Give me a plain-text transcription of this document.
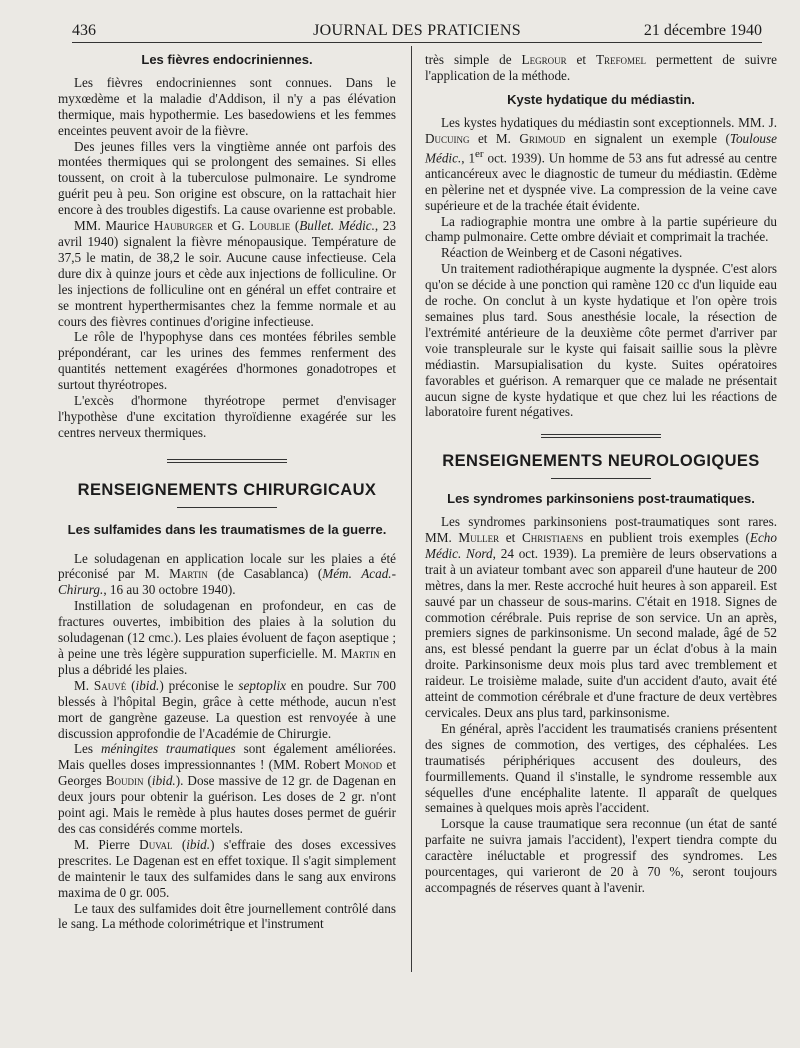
436	JOURNAL DES PRATICIENS	21 décembre 1940
Les fièvres endocriniennes.

Les fièvres endocriniennes sont connues. Dans le myxœdème et la maladie d'Addison, il n'y a pas élévation thermique, mais hypothermie. Les basedowiens et les femmes enceintes peuvent avoir de la fièvre.

Des jeunes filles vers la vingtième année ont parfois des montées thermiques qui se prolongent des semaines. Si elles toussent, on croit à la tuberculose pulmonaire. Le syndrome guérit peu à peu. Son origine est obscure, on la rattachait hier encore à des troubles digestifs. La cause ovarienne est probable.

MM. Maurice Hauburger et G. Loublie (Bullet. Médic., 23 avril 1940) signalent la fièvre ménopausique. Température de 37,5 le matin, de 38,2 le soir. Aucune cause infectieuse. Cela dure dix à quinze jours et cède aux injections de folliculine. Or les injections de folliculine ont en général un effet contraire et se montrent hyperthermisantes chez la femme normale et au cours des fièvres continues d'origine infectieuse.

Le rôle de l'hypophyse dans ces montées fébriles semble prépondérant, car les urines des femmes renferment des quantités nettement exagérées d'hormones gonadotropes et surtout thyréotropes.

L'excès d'hormone thyréotrope permet d'envisager l'hypothèse d'une excitation thyroïdienne exagérée sur les centres nerveux thermiques.

RENSEIGNEMENTS CHIRURGICAUX
Les sulfamides dans les traumatismes de la guerre.

Le soludagenan en application locale sur les plaies a été préconisé par M. Martin (de Casablanca) (Mém. Acad.-Chirurg., 16 au 30 octobre 1940).

Instillation de soludagenan en profondeur, en cas de fractures ouvertes, imbibition des plaies à la solution du soludagenan (12 cmc.). Les plaies évoluent de façon aseptique ; à peine une très légère suppuration superficielle. M. Martin en plus a débridé les plaies.

M. Sauvé (ibid.) préconise le septoplix en poudre. Sur 700 blessés à l'hôpital Begin, grâce à cette méthode, aucun n'est mort de gangrène gazeuse. La question est renvoyée à une discussion approfondie de l'Académie de Chirurgie.

Les méningites traumatiques sont également améliorées. Mais quelles doses impressionnantes ! (MM. Robert Monod et Georges Boudin (ibid.). Dose massive de 12 gr. de Dagenan en deux jours pour obtenir la guérison. Les doses de 2 gr. n'ont point agi. Mais le remède à plus hautes doses permet de guérir des cas considérés comme mortels.

M. Pierre Duval (ibid.) s'effraie des doses excessives prescrites. Le Dagenan est en effet toxique. Il s'agit simplement de maintenir le taux des sulfamides dans le sang aux environs maxima de 0 gr. 005.

Le taux des sulfamides doit être journellement contrôlé dans le sang. La méthode colorimétrique et l'instrument

très simple de Legrour et Trefomel permettent de suivre l'application de la méthode.

Kyste hydatique du médiastin.

Les kystes hydatiques du médiastin sont exceptionnels. MM. J. Ducuing et M. Grimoud en signalent un exemple (Toulouse Médic., 1er oct. 1939). Un homme de 53 ans fut adressé au centre anticancéreux avec le diagnostic de tumeur du médiastin. Œdème en pèlerine net et dyspnée vive. La compression de la veine cave supérieure et de la trachée était évidente.

La radiographie montra une ombre à la partie supérieure du champ pulmonaire. Cette ombre déviait et comprimait la trachée.

Réaction de Weinberg et de Casoni négatives.

Un traitement radiothérapique augmente la dyspnée. C'est alors qu'on se décide à une ponction qui ramène 120 cc d'un liquide eau de roche. On conclut à un kyste hydatique et l'on opère trois semaines plus tard. Sous anesthésie locale, la résection de l'extrémité antérieure de la deuxième côte permet d'arriver par voie transpleurale sur le kyste qui faisait saillie sous la plèvre médiastin. Marsupialisation du kyste. Suites opératoires favorables et guérison. A remarquer que ce malade ne présentait aucun signe de kyste hydatique et que chez lui les réactions de laboratoire furent négatives.

RENSEIGNEMENTS NEUROLOGIQUES
Les syndromes parkinsoniens post-traumatiques.

Les syndromes parkinsoniens post-traumatiques sont rares. MM. Muller et Christiaens en publient trois exemples (Echo Médic. Nord, 24 oct. 1939). La première de leurs observations a trait à un aviateur tombant avec son appareil d'une hauteur de 200 mètres, dans la mer. Reste accroché huit heures à son appareil. Est sauvé par un chasseur de sous-marins. C'était en 1918. Signes de commotion cérébrale. Puis reprise de son service. Un an après, premiers signes de parkinsonisme. Un second malade, âgé de 52 ans, est blessé pendant la guerre par un éclat d'obus à la main droite. Parkinsonisme deux mois plus tard avec tremblement et raideur. Le troisième malade, suite d'un accident d'auto, avait été atteint de commotion cérébrale et d'une fracture de deux vertèbres cervicales. Deux ans plus tard, parkinsonisme.

En général, après l'accident les traumatisés craniens présentent des signes de commotion, des vertiges, des céphalées. Les traumatisés périphériques accusent des douleurs, des fourmillements. Quand il s'installe, le syndrome ressemble aux séquelles d'une encéphalite latente. Il apparaît de quelques semaines à quelques mois après l'accident.

Lorsque la cause traumatique sera reconnue (un état de santé parfaite ne suivra jamais l'accident), l'expert tiendra compte du caractère inéluctable et progressif des syndromes. Les pourcentages, qui varieront de 20 à 70 %, seront toujours accompagnés de réserves quant à l'avenir.
